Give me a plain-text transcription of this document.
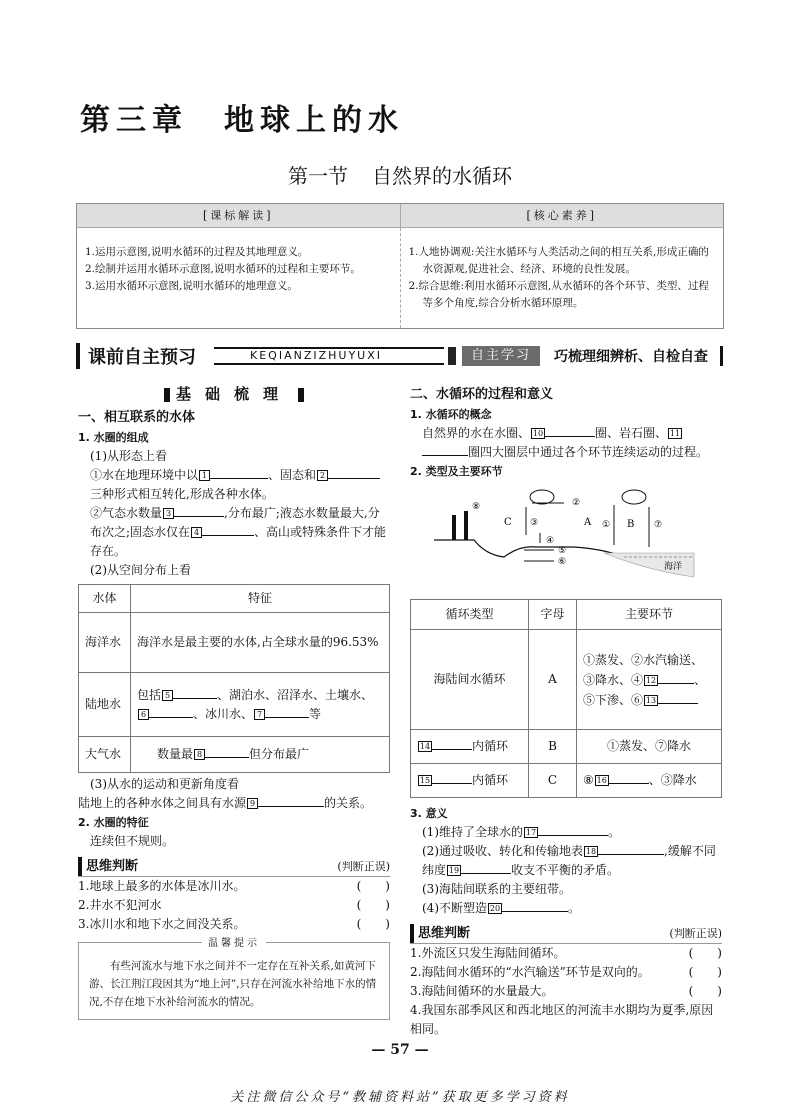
第三章　地球上的水
第一节 自然界的水循环
[课标解读]	[核心素养]

1.运用示意图,说明水循环的过程及其地理意义。

2.绘制并运用水循环示意图,说明水循环的过程和主要环节。

3.运用水循环示意图,说明水循环的地理意义。

1.人地协调观:关注水循环与人类活动之间的相互关系,形成正确的水资源观,促进社会、经济、环境的良性发展。

2.综合思维:利用水循环示意图,从水循环的各个环节、类型、过程等多个角度,综合分析水循环原理。

课前自主预习	KEQIANZIZHUYUXI	自主学习	巧梳理细辨析、自检自查
基础梳理
一、相互联系的水体
1. 水圈的组成

(1)从形态上看

①水在地理环境中以 1	、固态和 2三种形式相互转化,形成各种水体。

②气态水数量 3	,分布最广;液态水数量最大,分布次之;固态水仅在 4	、高山或特殊条件下才能存在。

(2)从空间分布上看

水体	特征
海洋水	海洋水是最主要的水体,占全球水量的96.53%
陆地水	包括 5 、湖泊水、沼泽水、土壤水、
6 、冰川水、 7 等
大气水	数量最 8 但分布最广

(3)从水的运动和更新角度看

陆地上的各种水体之间具有水源 9	的关系。

2. 水圈的特征

连续但不规则。

思维判断	(判断正误)
1.地球上最多的水体是冰川水。	(　　)
2.井水不犯河水	(　　)
3.冰川水和地下水之间没关系。	(　　)
温馨提示
有些河流水与地下水之间并不一定存在互补关系,如黄河下游、长江荆江段因其为“地上河”,只存在河流水补给地下水的情况,不存在地下水补给河流水的情况。
二、水循环的过程和意义
1. 水循环的概念

自然界的水在水圈、 10	圈、岩石圈、 11圈四大圈层中通过各个环节连续运动的过程。

2. 类型及主要环节
海洋
C	A	B
②
③
④
⑤
⑥
⑦
①
⑧
循环类型	字母	主要环节
海陆间水循环	A	①蒸发、②水汽输送、
③降水、④ 12 、
⑤下渗、⑥ 13
14 内循环	B	①蒸发、⑦降水
15 内循环	C	⑧ 16 、③降水
3. 意义

(1)维持了全球水的 17	。

(2)通过吸收、转化和传输地表 18	,缓解不同纬度 19	收支不平衡的矛盾。

(3)海陆间联系的主要纽带。

(4)不断塑造 20	。

思维判断	(判断正误)
1.外流区只发生海陆间循环。	(　　)
2.海陆间水循环的“水汽输送”环节是双向的。	(　　)
3.海陆间循环的水量最大。	(　　)
4.我国东部季风区和西北地区的河流丰水期均为夏季,原因相同。
— 57 —
关注微信公众号“教辅资料站”获取更多学习资料
